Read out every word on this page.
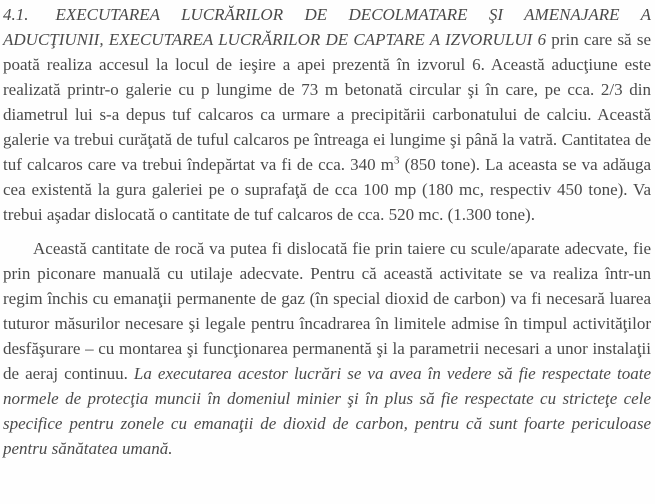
4.1. EXECUTAREA LUCRĂRILOR DE DECOLMATARE ŞI AMENAJARE A ADUCŢIUNII, EXECUTAREA LUCRĂRILOR DE CAPTARE A IZVORULUI 6 prin care să se poată realiza accesul la locul de ieşire a apei prezentă în izvorul 6. Această aducţiune este realizată printr-o galerie cu p lungime de 73 m betonată circular şi în care, pe cca. 2/3 din diametrul lui s-a depus tuf calcaros ca urmare a precipitării carbonatului de calciu. Această galerie va trebui curăţată de tuful calcaros pe întreaga ei lungime şi până la vatră. Cantitatea de tuf calcaros care va trebui îndepărtat va fi de cca. 340 $m^3$ (850 tone). La aceasta se va adăuga cea existentă la gura galeriei pe o suprafaţă de cca 100 mp (180 mc, respectiv 450 tone). Va trebui aşadar dislocată o cantitate de tuf calcaros de cca. 520 mc. (1.300 tone).

Această cantitate de rocă va putea fi dislocată fie prin taiere cu scule/aparate adecvate, fie prin piconare manuală cu utilaje adecvate. Pentru că această activitate se va realiza într-un regim închis cu emanaţii permanente de gaz (în special dioxid de carbon) va fi necesară luarea tuturor măsurilor necesare şi legale pentru încadrarea în limitele admise în timpul activităţilor desfăşurare – cu montarea şi funcţionarea permanentă şi la parametrii necesari a unor instalaţii de aeraj continuu. La executarea acestor lucrări se va avea în vedere să fie respectate toate normele de protecţia muncii în domeniul minier şi în plus să fie respectate cu stricteţe cele specifice pentru zonele cu emanaţii de dioxid de carbon, pentru că sunt foarte periculoase pentru sănătatea umană.
